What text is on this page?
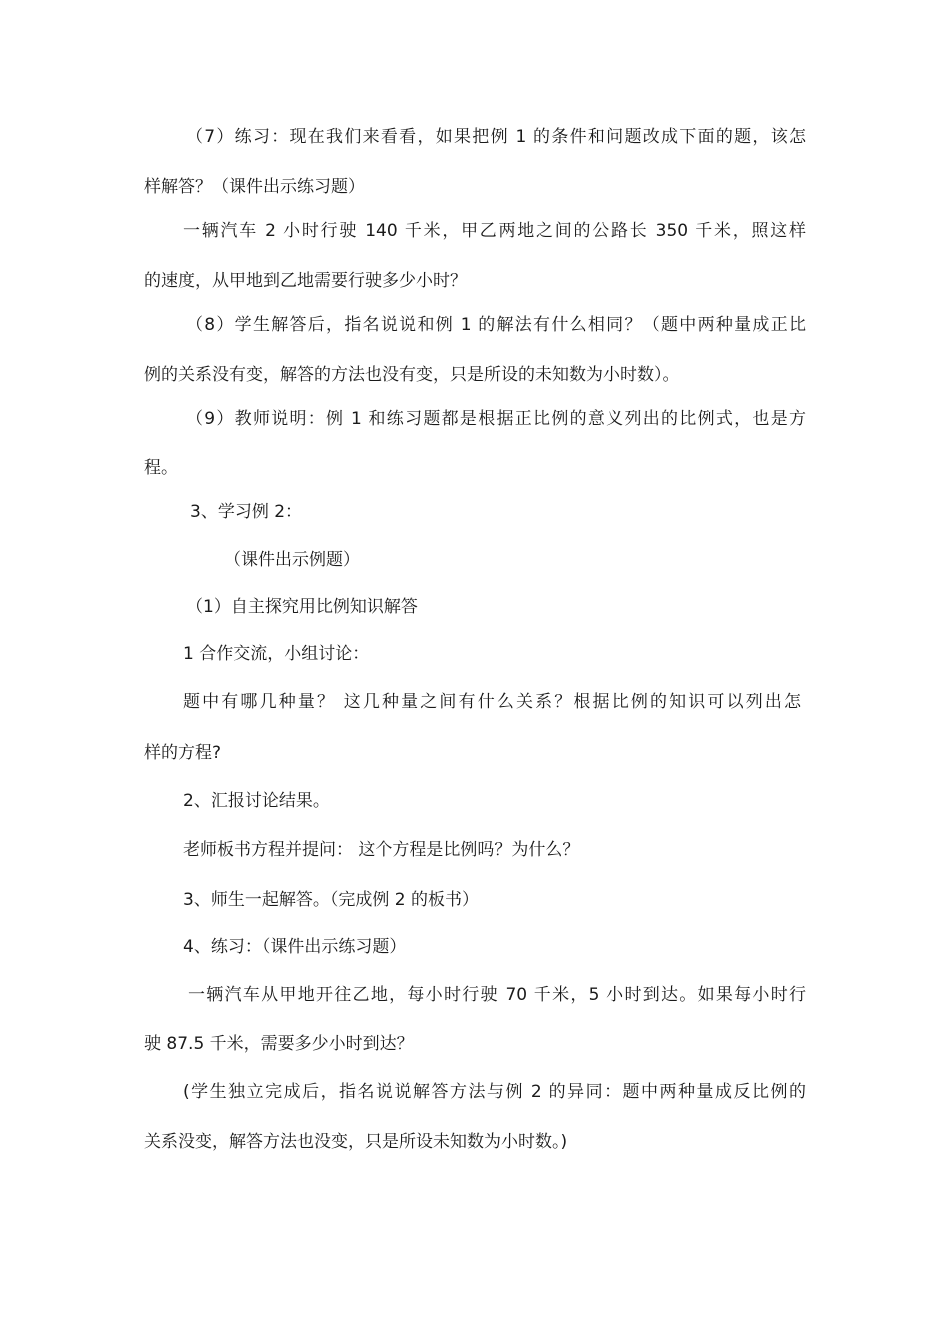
（7）练习：现在我们来看看，如果把例 1 的条件和问题改成下面的题，该怎
样解答？（课件出示练习题）
一辆汽车 2 小时行驶 140 千米，甲乙两地之间的公路长 350 千米，照这样
的速度，从甲地到乙地需要行驶多少小时？
（8）学生解答后，指名说说和例 1 的解法有什么相同？（题中两种量成正比
例的关系没有变，解答的方法也没有变，只是所设的未知数为小时数）。
（9）教师说明：例 1 和练习题都是根据正比例的意义列出的比例式，也是方
程。
3、学习例 2：
（课件出示例题）
（1）自主探究用比例知识解答
1 合作交流，小组讨论：
题中有哪几种量？ 这几种量之间有什么关系？根据比例的知识可以列出怎
样的方程?
2、汇报讨论结果。
老师板书方程并提问： 这个方程是比例吗？为什么？
3、师生一起解答。（完成例 2 的板书）
4、练习：（课件出示练习题）
一辆汽车从甲地开往乙地，每小时行驶 70 千米，5 小时到达。如果每小时行
驶 87.5 千米，需要多少小时到达？
(学生独立完成后，指名说说解答方法与例 2 的异同：题中两种量成反比例的
关系没变，解答方法也没变，只是所设未知数为小时数。)
